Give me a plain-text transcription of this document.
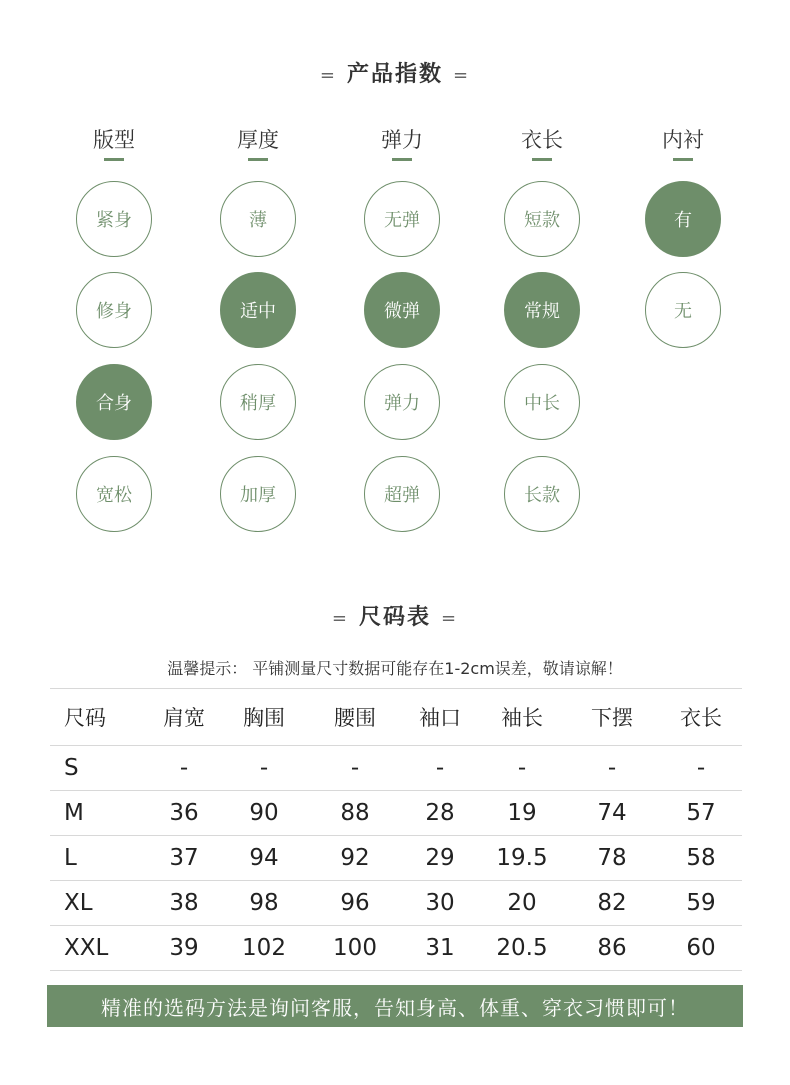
= 产品指数 =
版型
紧身
修身
合身
宽松
厚度
薄
适中
稍厚
加厚
弹力
无弹
微弹
弹力
超弹
衣长
短款
常规
中长
长款
内衬
有
无
= 尺码表 =
温馨提示： 平铺测量尺寸数据可能存在1-2cm误差，敬请谅解！
尺码	肩宽	胸围	腰围	袖口	袖长	下摆	衣长
S	-	-	-	-	-	-	-
M	36	90	88	28	19	74	57
L	37	94	92	29	19.5	78	58
XL	38	98	96	30	20	82	59
XXL	39	102	100	31	20.5	86	60
精准的选码方法是询问客服，告知身高、体重、穿衣习惯即可！
